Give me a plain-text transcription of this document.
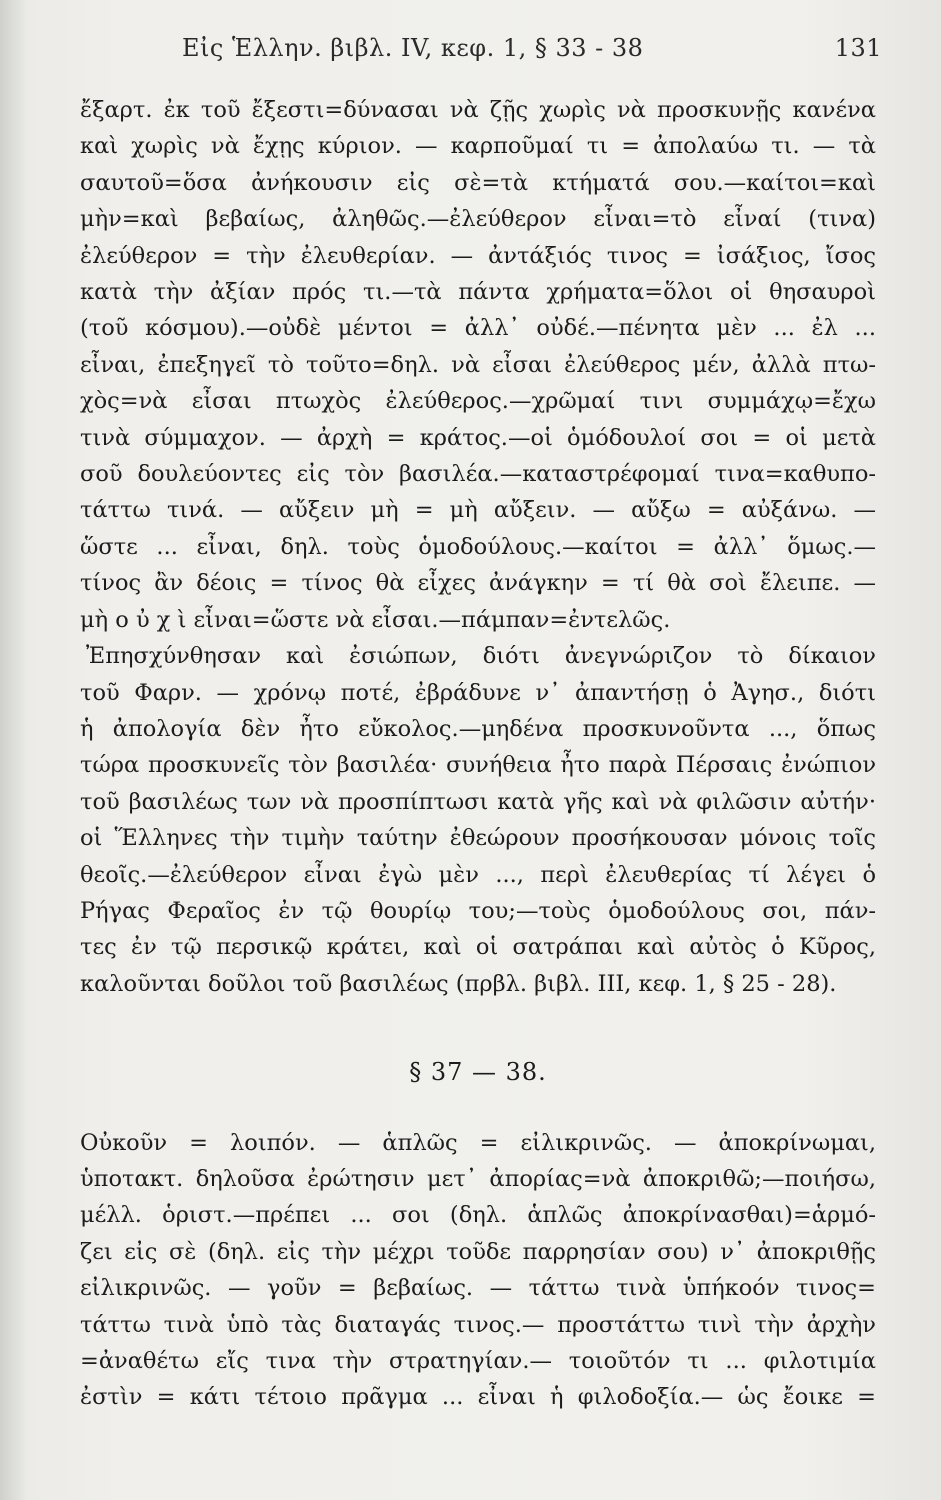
Εἰς Ἑλλην. βιβλ. IV, κεφ. 1, § 33 - 38	131
ἔξαρτ. ἐκ τοῦ ἔξεστι=δύνασαι νὰ ζῇς χωρὶς νὰ προσκυνῇς κανένα
καὶ χωρὶς νὰ ἔχῃς κύριον. — καρποῦμαί τι = ἀπολαύω τι. — τὰ
σαυτοῦ=ὅσα ἀνήκουσιν εἰς σὲ=τὰ κτήματά σου.—καίτοι=καὶ
μὴν=καὶ βεβαίως, ἀληθῶς.—ἐλεύθερον εἶναι=τὸ εἶναί (τινα)
ἐλεύθερον = τὴν ἐλευθερίαν. — ἀντάξιός τινος = ἰσάξιος, ἴσος
κατὰ τὴν ἀξίαν πρός τι.—τὰ πάντα χρήματα=ὅλοι οἱ θησαυροὶ
(τοῦ κόσμου).—οὐδὲ μέντοι = ἀλλ᾽ οὐδέ.—πένητα μὲν ... ἐλ ...
εἶναι, ἐπεξηγεῖ τὸ τοῦτο=δηλ. νὰ εἶσαι ἐλεύθερος μέν, ἀλλὰ πτω-
χὸς=νὰ εἶσαι πτωχὸς ἐλεύθερος.—χρῶμαί τινι συμμάχῳ=ἔχω
τινὰ σύμμαχον. — ἀρχὴ = κράτος.—οἱ ὁμόδουλοί σοι = οἱ μετὰ
σοῦ δουλεύοντες εἰς τὸν βασιλέα.—καταστρέφομαί τινα=καθυπο-
τάττω τινά. — αὔξειν μὴ = μὴ αὔξειν. — αὔξω = αὐξάνω. —
ὥστε ... εἶναι, δηλ. τοὺς ὁμοδούλους.—καίτοι = ἀλλ᾽ ὅμως.—
τίνος ἂν δέοις = τίνος θὰ εἶχες ἀνάγκην = τί θὰ σοὶ ἔλειπε. —
μὴ ο ὐ χ ὶ εἶναι=ὥστε νὰ εἶσαι.—πάμπαν=ἐντελῶς.
Ἐπησχύνθησαν καὶ ἐσιώπων, διότι ἀνεγνώριζον τὸ δίκαιον
τοῦ Φαρν. — χρόνῳ ποτέ, ἐβράδυνε ν᾽ ἀπαντήσῃ ὁ Ἀγησ., διότι
ἡ ἀπολογία δὲν ἦτο εὔκολος.—μηδένα προσκυνοῦντα ..., ὅπως
τώρα προσκυνεῖς τὸν βασιλέα· συνήθεια ἦτο παρὰ Πέρσαις ἐνώπιον
τοῦ βασιλέως των νὰ προσπίπτωσι κατὰ γῆς καὶ νὰ φιλῶσιν αὐτήν·
οἱ Ἕλληνες τὴν τιμὴν ταύτην ἐθεώρουν προσήκουσαν μόνοις τοῖς
θεοῖς.—ἐλεύθερον εἶναι ἐγὼ μὲν ..., περὶ ἐλευθερίας τί λέγει ὁ
Ρήγας Φεραῖος ἐν τῷ θουρίῳ του;—τοὺς ὁμοδούλους σοι, πάν-
τες ἐν τῷ περσικῷ κράτει, καὶ οἱ σατράπαι καὶ αὐτὸς ὁ Κῦρος,
καλοῦνται δοῦλοι τοῦ βασιλέως (πρβλ. βιβλ. III, κεφ. 1, § 25 - 28).
§ 37 — 38.
Οὐκοῦν = λοιπόν. — ἁπλῶς = εἰλικρινῶς. — ἀποκρίνωμαι,
ὑποτακτ. δηλοῦσα ἐρώτησιν μετ᾽ ἀπορίας=νὰ ἀποκριθῶ;—ποιήσω,
μέλλ. ὁριστ.—πρέπει ... σοι (δηλ. ἁπλῶς ἀποκρίνασθαι)=ἁρμό-
ζει εἰς σὲ (δηλ. εἰς τὴν μέχρι τοῦδε παρρησίαν σου) ν᾽ ἀποκριθῇς
εἰλικρινῶς. — γοῦν = βεβαίως. — τάττω τινὰ ὑπήκοόν τινος=
τάττω τινὰ ὑπὸ τὰς διαταγάς τινος.— προστάττω τινὶ τὴν ἀρχὴν
=ἀναθέτω εἴς τινα τὴν στρατηγίαν.— τοιοῦτόν τι ... φιλοτιμία
ἐστὶν = κάτι τέτοιο πρᾶγμα ... εἶναι ἡ φιλοδοξία.— ὡς ἔοικε =
